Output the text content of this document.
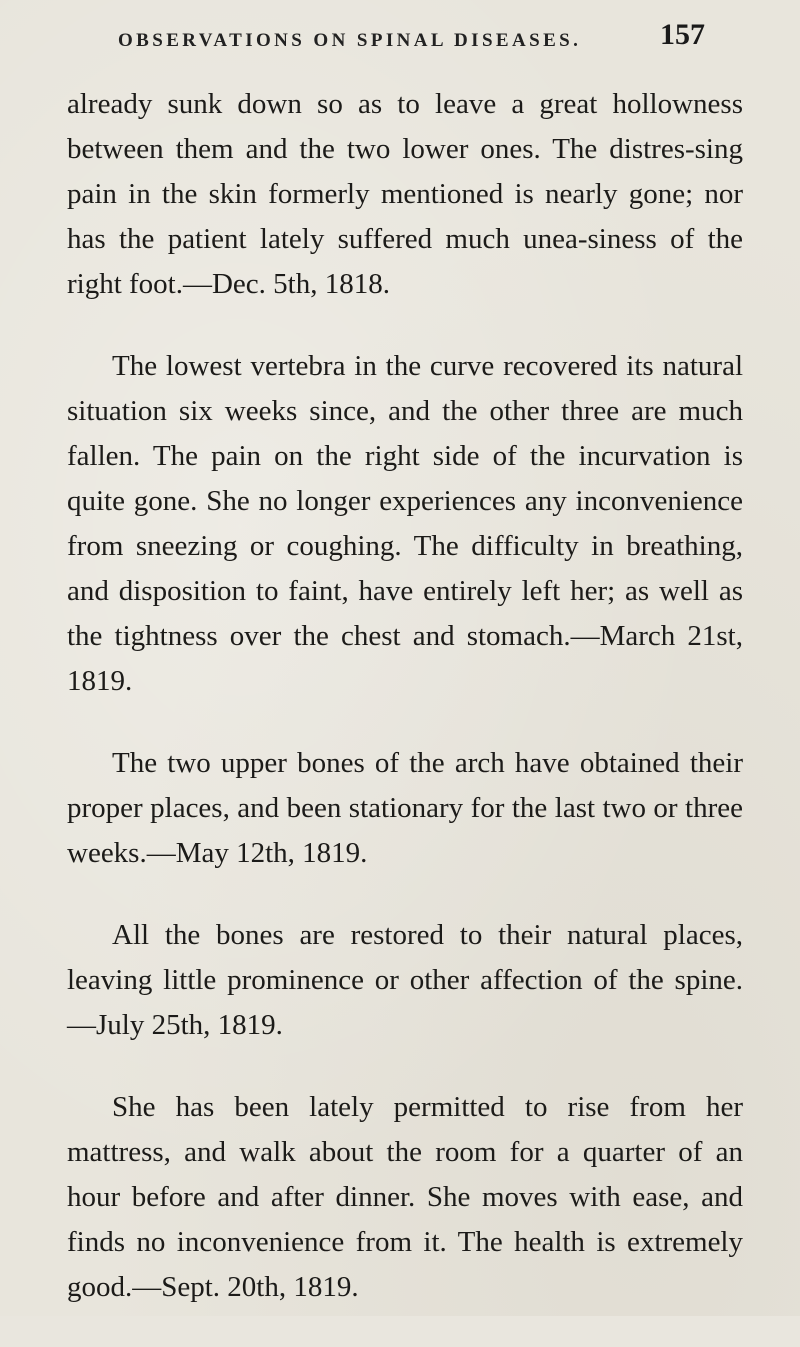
OBSERVATIONS ON SPINAL DISEASES.	157

already sunk down so as to leave a great hollowness between them and the two lower ones. The distres-sing pain in the skin formerly mentioned is nearly gone; nor has the patient lately suffered much unea-siness of the right foot.—Dec. 5th, 1818.

The lowest vertebra in the curve recovered its natural situation six weeks since, and the other three are much fallen. The pain on the right side of the incurvation is quite gone. She no longer experiences any inconvenience from sneezing or coughing. The difficulty in breathing, and disposition to faint, have entirely left her; as well as the tightness over the chest and stomach.—March 21st, 1819.

The two upper bones of the arch have obtained their proper places, and been stationary for the last two or three weeks.—May 12th, 1819.

All the bones are restored to their natural places, leaving little prominence or other affection of the spine.—July 25th, 1819.

She has been lately permitted to rise from her mattress, and walk about the room for a quarter of an hour before and after dinner. She moves with ease, and finds no inconvenience from it. The health is extremely good.—Sept. 20th, 1819.
